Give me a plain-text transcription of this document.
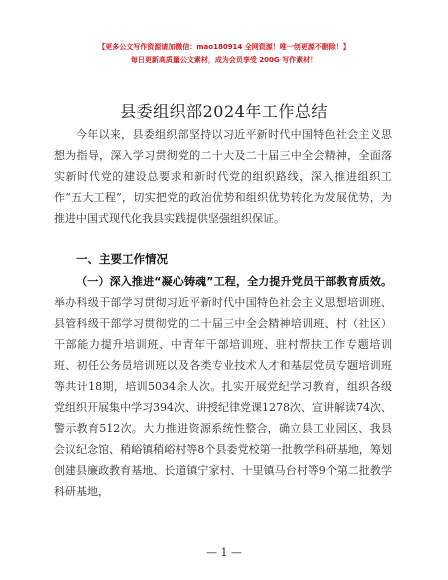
【更多公文写作资源请加微信：mao180914 全网资源！唯一创更源不删除！】
每日更新高质量公文素材，成为会员享受 200G 写作素材！
县委组织部2024年工作总结
今年以来，县委组织部坚持以习近平新时代中国特色社会主义思想为指导，深入学习贯彻党的二十大及二十届三中全会精神，全面落实新时代党的建设总要求和新时代党的组织路线，深入推进组织工作“五大工程”，切实把党的政治优势和组织优势转化为发展优势，为推进中国式现代化我县实践提供坚强组织保证。
一、主要工作情况
（一）深入推进“凝心铸魂”工程，全力提升党员干部教育质效。举办科级干部学习贯彻习近平新时代中国特色社会主义思想培训班、县管科级干部学习贯彻党的二十届三中全会精神培训班、村（社区）干部能力提升培训班、中青年干部培训班、驻村帮扶工作专题培训班、初任公务员培训班以及各类专业技术人才和基层党员专题培训班等共计18期，培训5034余人次。扎实开展党纪学习教育，组织各级党组织开展集中学习394次、讲授纪律党课1278次、宣讲解读74次、警示教育512次。大力推进资源系统性整合，确立县工业园区、我县会议纪念馆、稍峪镇稍峪村等8个县委党校第一批教学科研基地，筹划创建县廉政教育基地、长道镇宁家村、十里镇马台村等9个第二批教学科研基地，
— 1 —
